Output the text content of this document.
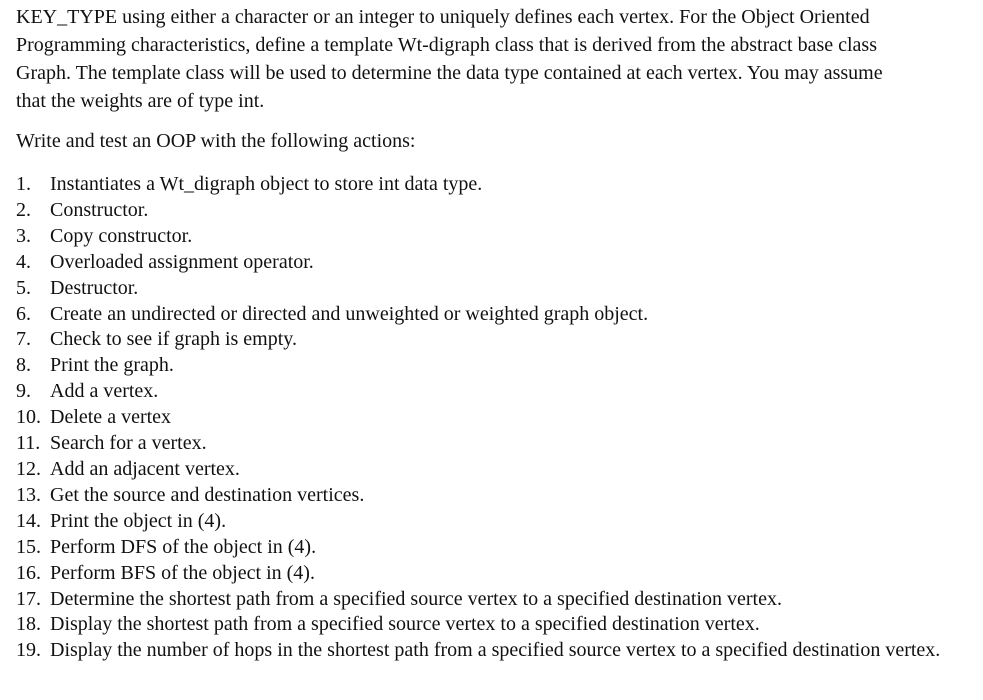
KEY_TYPE using either a character or an integer to uniquely defines each vertex. For the Object Oriented Programming characteristics, define a template Wt-digraph class that is derived from the abstract base class Graph. The template class will be used to determine the data type contained at each vertex. You may assume that the weights are of type int.

Write and test an OOP with the following actions:

1. Instantiates a Wt_digraph object to store int data type.
2. Constructor.
3. Copy constructor.
4. Overloaded assignment operator.
5. Destructor.
6. Create an undirected or directed and unweighted or weighted graph object.
7. Check to see if graph is empty.
8. Print the graph.
9. Add a vertex.
10. Delete a vertex
11. Search for a vertex.
12. Add an adjacent vertex.
13. Get the source and destination vertices.
14. Print the object in (4).
15. Perform DFS of the object in (4).
16. Perform BFS of the object in (4).
17. Determine the shortest path from a specified source vertex to a specified destination vertex.
18. Display the shortest path from a specified source vertex to a specified destination vertex.
19. Display the number of hops in the shortest path from a specified source vertex to a specified destination vertex.
